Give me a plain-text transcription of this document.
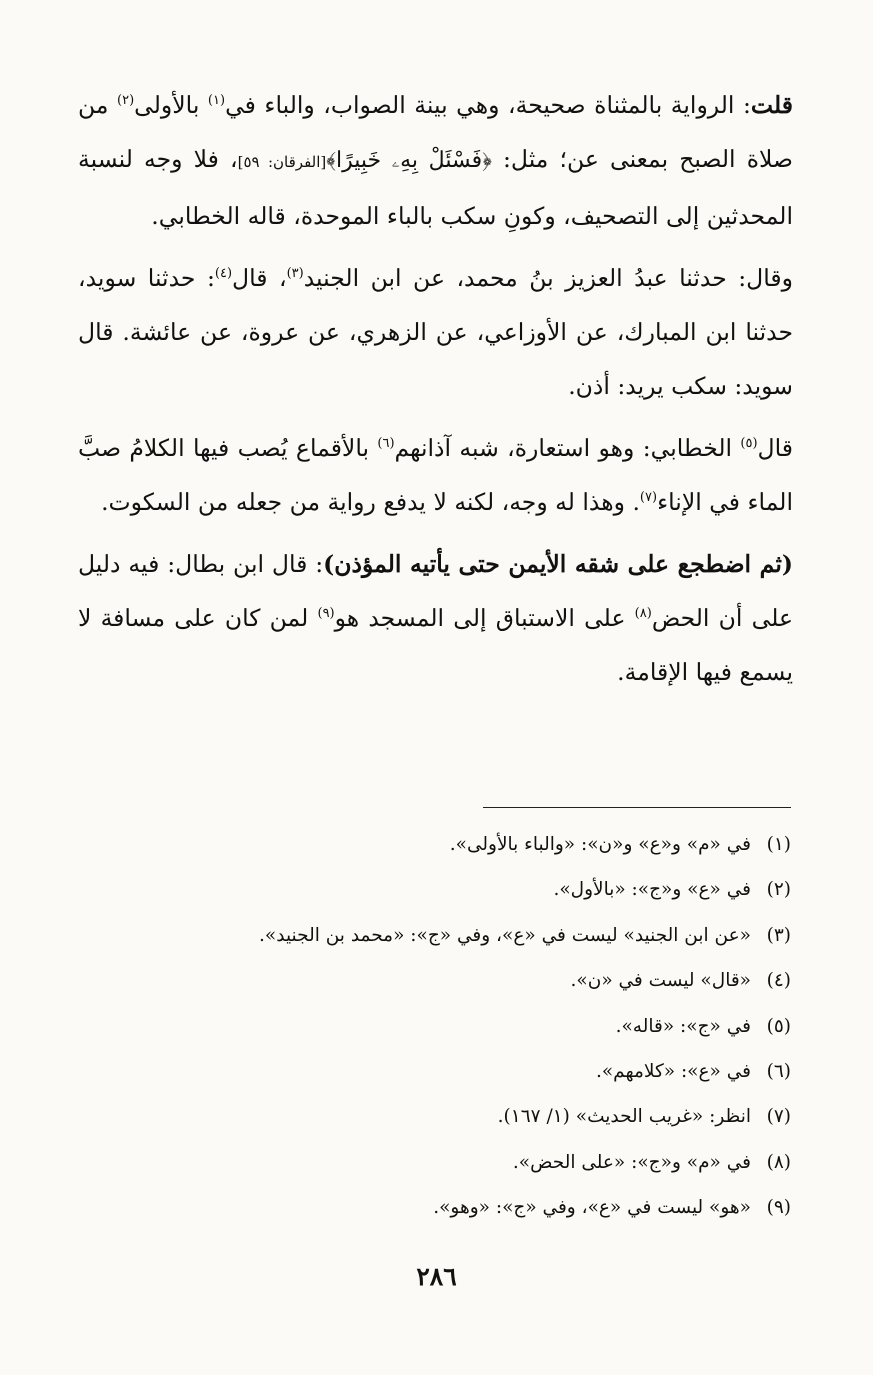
قلت: الرواية بالمثناة صحيحة، وهي بينة الصواب، والباء في$^{(١)}$ بالأولى$^{(٢)}$ من صلاة الصبح بمعنى عن؛ مثل: ﴿فَسْئَلْ بِهِۦ خَبِيرًا﴾[الفرقان: ٥٩]، فلا وجه لنسبة المحدثين إلى التصحيف، وكونِ سكب بالباء الموحدة، قاله الخطابي.

وقال: حدثنا عبدُ العزيز بنُ محمد، عن ابن الجنيد$^{(٣)}$، قال$^{(٤)}$: حدثنا سويد، حدثنا ابن المبارك، عن الأوزاعي، عن الزهري، عن عروة، عن عائشة. قال سويد: سكب يريد: أذن.

قال$^{(٥)}$ الخطابي: وهو استعارة، شبه آذانهم$^{(٦)}$ بالأقماع يُصب فيها الكلامُ صبَّ الماء في الإناء$^{(٧)}$. وهذا له وجه، لكنه لا يدفع رواية من جعله من السكوت.

(ثم اضطجع على شقه الأيمن حتى يأتيه المؤذن): قال ابن بطال: فيه دليل على أن الحض$^{(٨)}$ على الاستباق إلى المسجد هو$^{(٩)}$ لمن كان على مسافة لا يسمع فيها الإقامة.

(١)في «م» و«ع» و«ن»: «والباء بالأولى».
(٢)في «ع» و«ج»: «بالأول».
(٣)«عن ابن الجنيد» ليست في «ع»، وفي «ج»: «محمد بن الجنيد».
(٤)«قال» ليست في «ن».
(٥)في «ج»: «قاله».
(٦)في «ع»: «كلامهم».
(٧)انظر: «غريب الحديث» (١/ ١٦٧).
(٨)في «م» و«ج»: «على الحض».
(٩)«هو» ليست في «ع»، وفي «ج»: «وهو».
٢٨٦
